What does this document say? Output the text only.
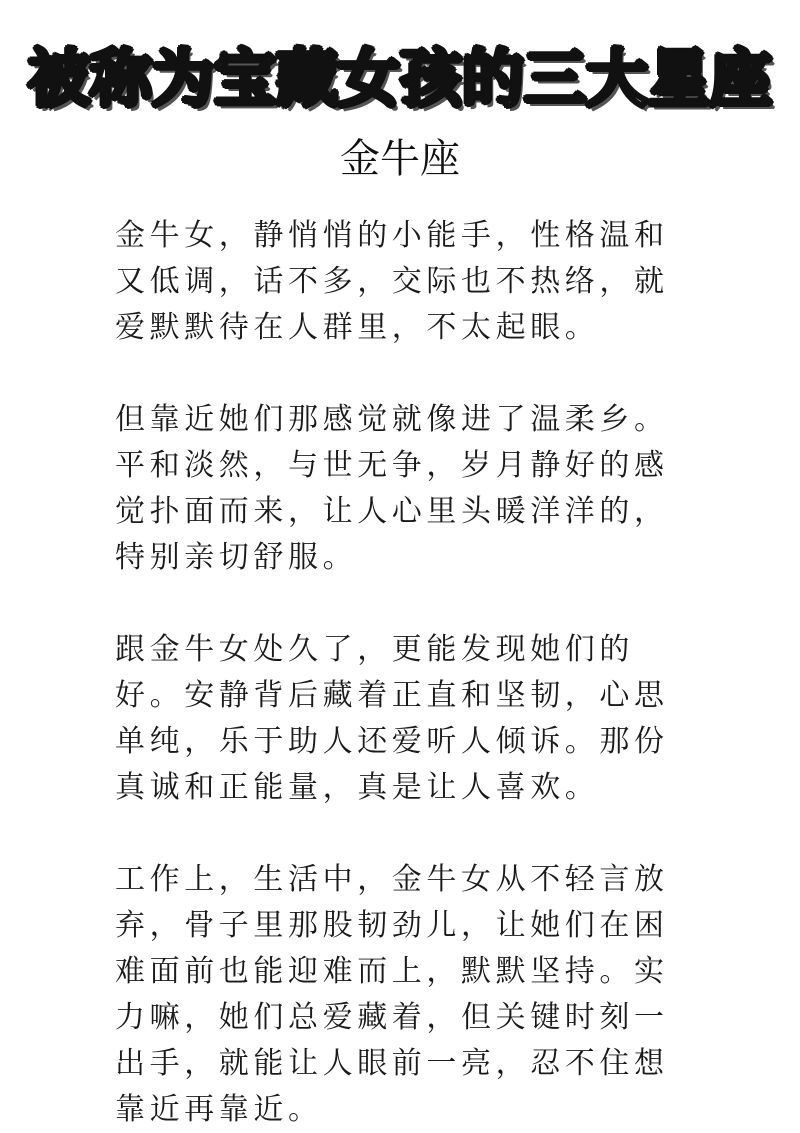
被称为宝藏女孩的三大星座
金牛座

金牛女，静悄悄的小能手，性格温和又低调，话不多，交际也不热络，就爱默默待在人群里，不太起眼。

但靠近她们那感觉就像进了温柔乡。平和淡然，与世无争，岁月静好的感觉扑面而来，让人心里头暖洋洋的，特别亲切舒服。

跟金牛女处久了，更能发现她们的好。安静背后藏着正直和坚韧，心思单纯，乐于助人还爱听人倾诉。那份真诚和正能量，真是让人喜欢。

工作上，生活中，金牛女从不轻言放弃，骨子里那股韧劲儿，让她们在困难面前也能迎难而上，默默坚持。实力嘛，她们总爱藏着，但关键时刻一出手，就能让人眼前一亮，忍不住想靠近再靠近。
